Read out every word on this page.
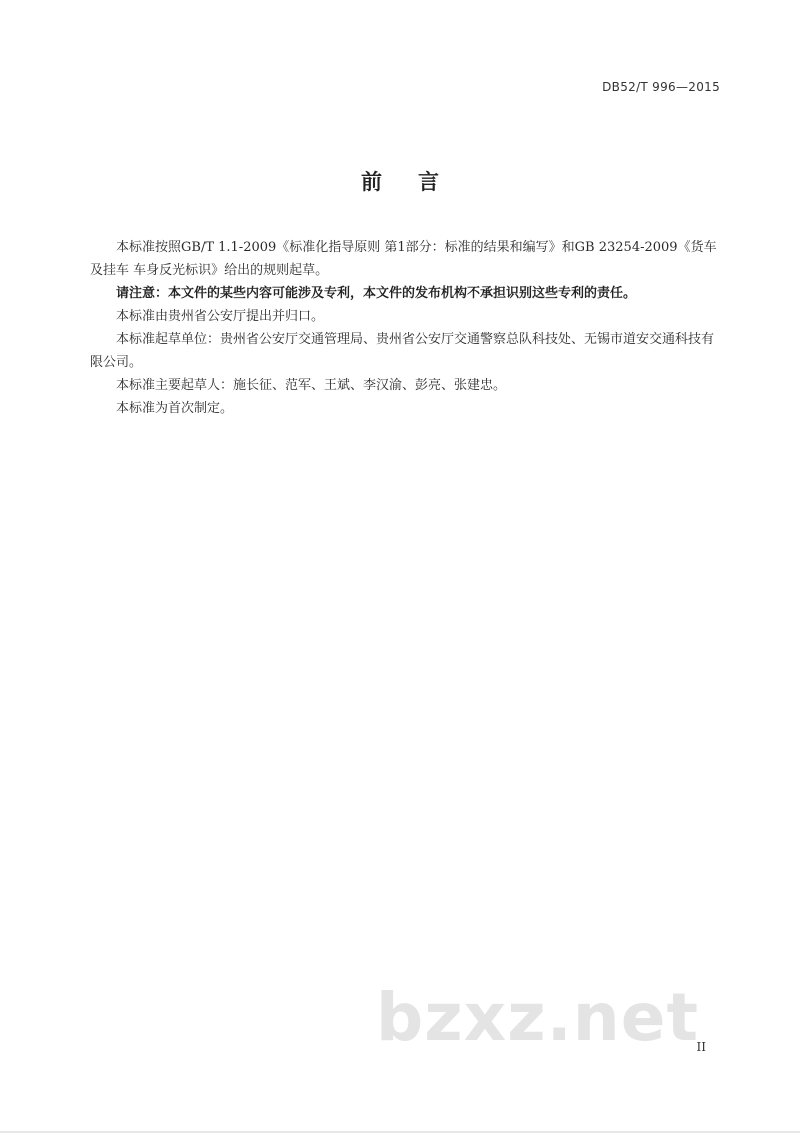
DB52/T 996—2015
前言

本标准按照GB/T 1.1-2009《标准化指导原则 第1部分：标准的结果和编写》和GB 23254-2009《货车及挂车 车身反光标识》给出的规则起草。

请注意：本文件的某些内容可能涉及专利，本文件的发布机构不承担识别这些专利的责任。

本标准由贵州省公安厅提出并归口。

本标准起草单位：贵州省公安厅交通管理局、贵州省公安厅交通警察总队科技处、无锡市道安交通科技有限公司。

本标准主要起草人：施长征、范军、王斌、李汉渝、彭亮、张建忠。

本标准为首次制定。

bzxz.net
II
